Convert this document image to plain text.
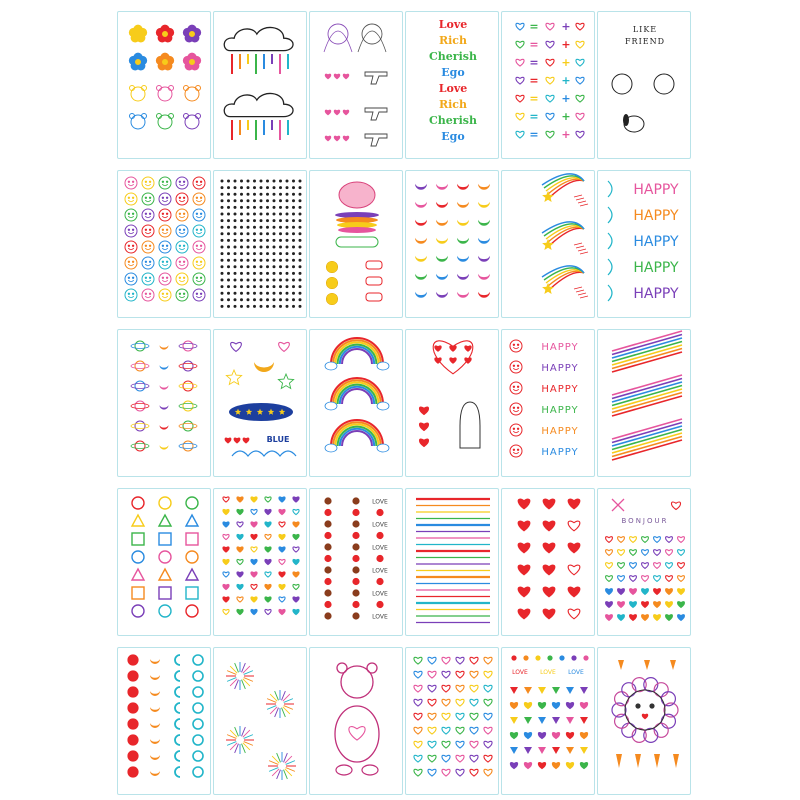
Love
Rich
Cherish
Ego
Love
Rich
Cherish
Ego
= +
= +
= +
= +
= +
= +
= +
LIKE
FRIEND
HAPPY
HAPPY
HAPPY
HAPPY
HAPPY
BLUE
HAPPY
HAPPY
HAPPY
HAPPY
HAPPY
HAPPY
LOVE
LOVE
LOVE
LOVE
LOVE
LOVE
BONJOUR
LOVE LOVE LOVE
